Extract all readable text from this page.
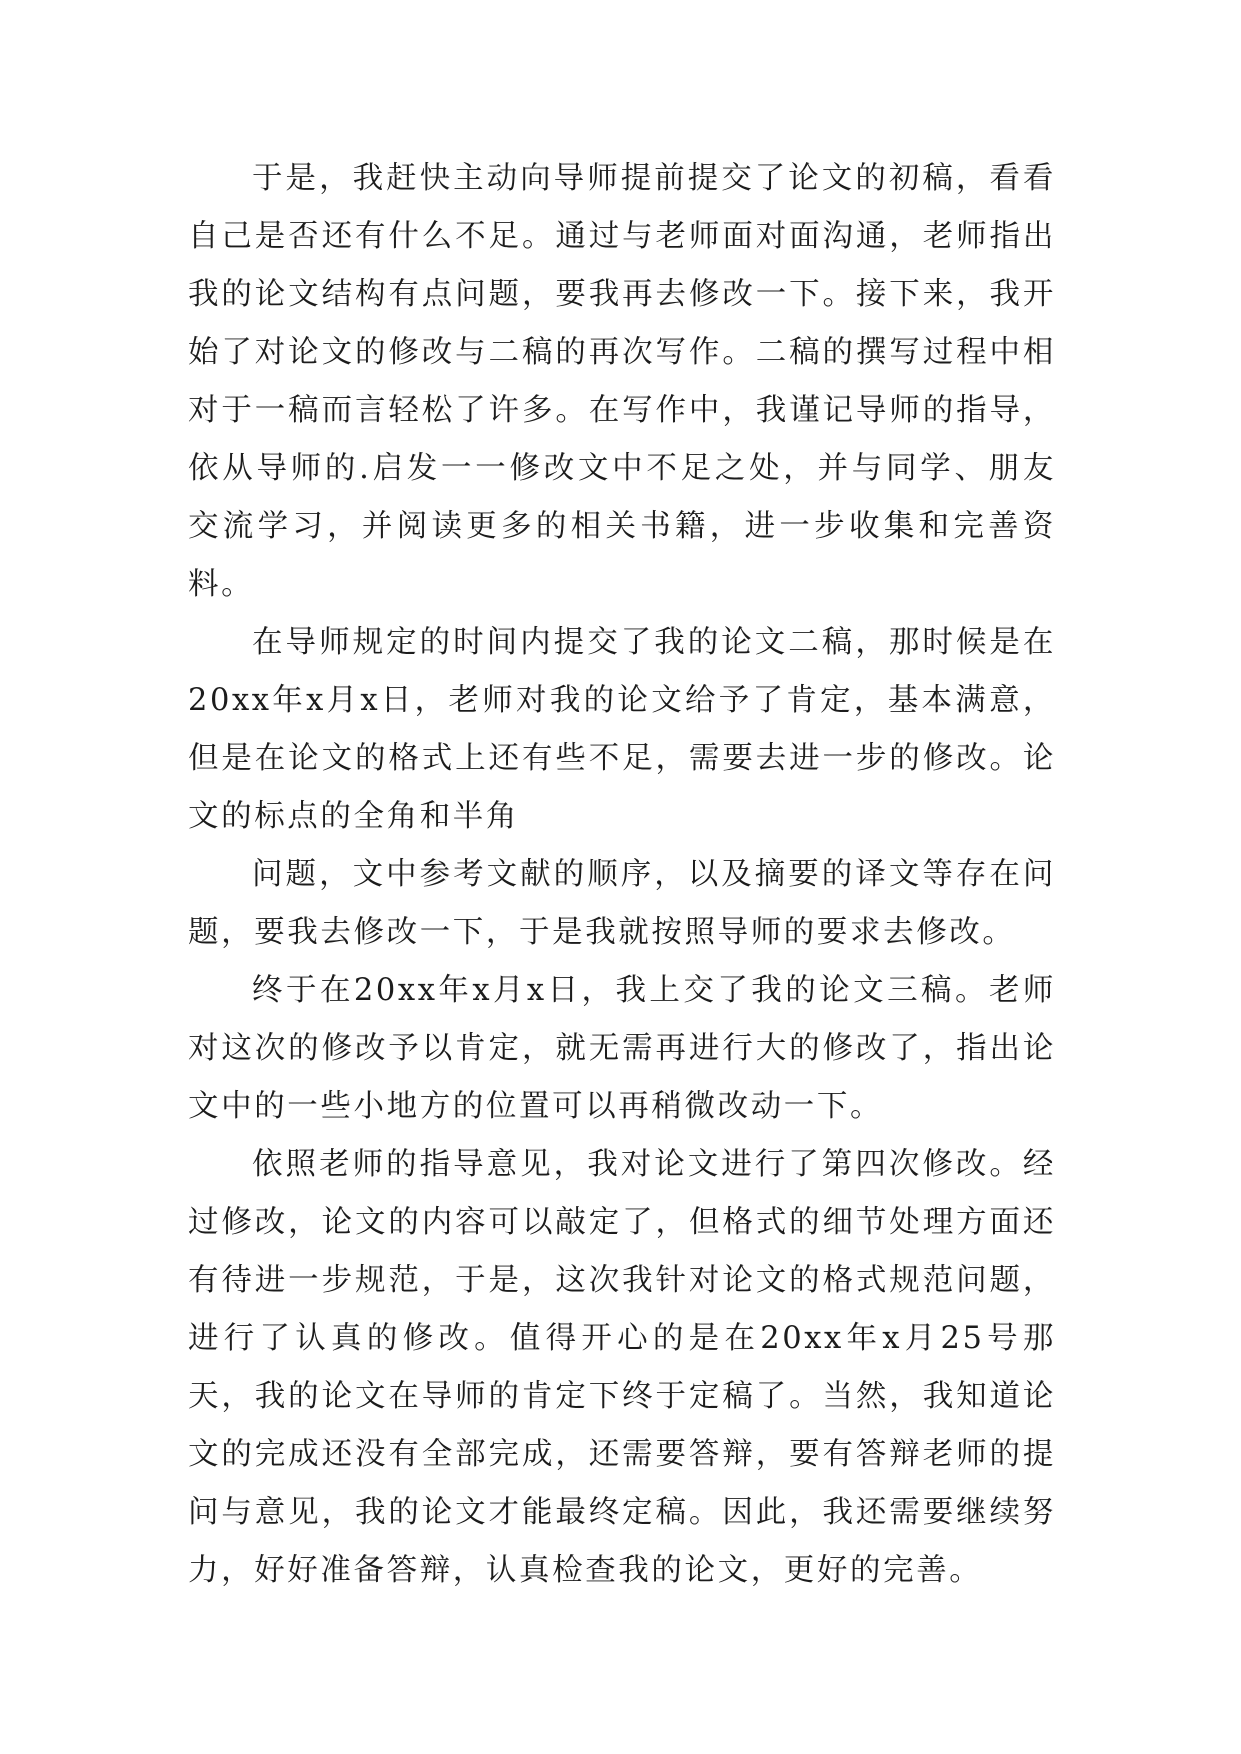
于是，我赶快主动向导师提前提交了论文的初稿，看看自己是否还有什么不足。通过与老师面对面沟通，老师指出我的论文结构有点问题，要我再去修改一下。接下来，我开始了对论文的修改与二稿的再次写作。二稿的撰写过程中相对于一稿而言轻松了许多。在写作中，我谨记导师的指导，依从导师的.启发一一修改文中不足之处，并与同学、朋友交流学习，并阅读更多的相关书籍，进一步收集和完善资料。

在导师规定的时间内提交了我的论文二稿，那时候是在20xx年x月x日，老师对我的论文给予了肯定，基本满意，但是在论文的格式上还有些不足，需要去进一步的修改。论文的标点的全角和半角

问题，文中参考文献的顺序，以及摘要的译文等存在问题，要我去修改一下，于是我就按照导师的要求去修改。

终于在20xx年x月x日，我上交了我的论文三稿。老师对这次的修改予以肯定，就无需再进行大的修改了，指出论文中的一些小地方的位置可以再稍微改动一下。

依照老师的指导意见，我对论文进行了第四次修改。经过修改，论文的内容可以敲定了，但格式的细节处理方面还有待进一步规范，于是，这次我针对论文的格式规范问题，进行了认真的修改。值得开心的是在20xx年x月25号那天，我的论文在导师的肯定下终于定稿了。当然，我知道论文的完成还没有全部完成，还需要答辩，要有答辩老师的提问与意见，我的论文才能最终定稿。因此，我还需要继续努力，好好准备答辩，认真检查我的论文，更好的完善。
